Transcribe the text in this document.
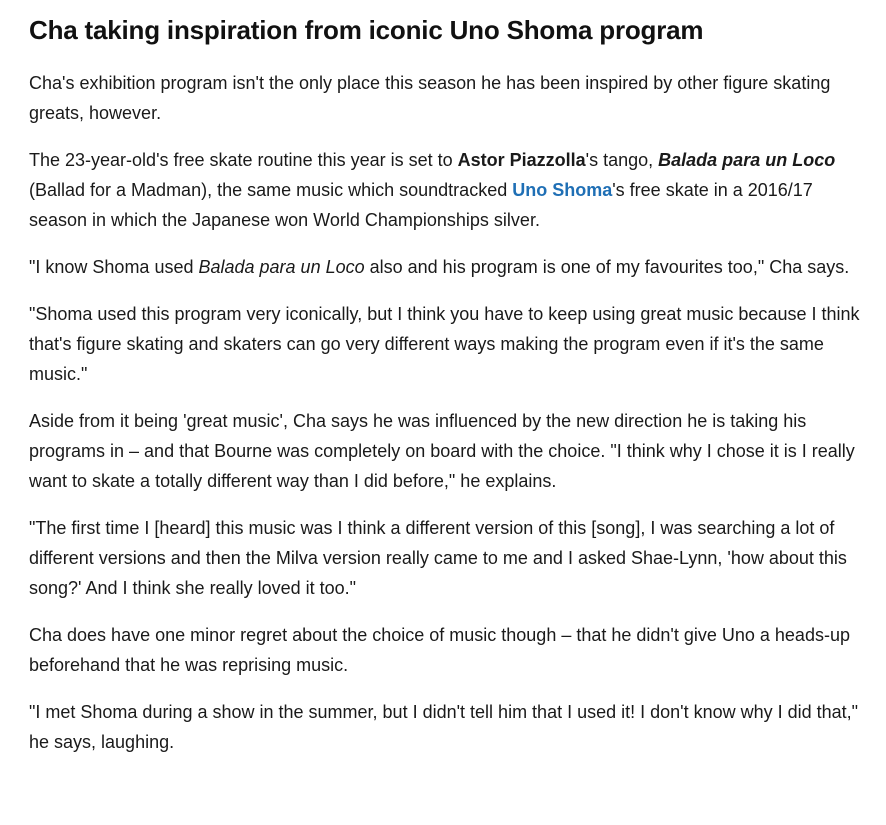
Cha taking inspiration from iconic Uno Shoma program

Cha's exhibition program isn't the only place this season he has been inspired by other figure skating greats, however.

The 23-year-old's free skate routine this year is set to Astor Piazzolla's tango, Balada para un Loco (Ballad for a Madman), the same music which soundtracked Uno Shoma's free skate in a 2016/17 season in which the Japanese won World Championships silver.

"I know Shoma used Balada para un Loco also and his program is one of my favourites too," Cha says.

"Shoma used this program very iconically, but I think you have to keep using great music because I think that's figure skating and skaters can go very different ways making the program even if it's the same music."

Aside from it being 'great music', Cha says he was influenced by the new direction he is taking his programs in – and that Bourne was completely on board with the choice. "I think why I chose it is I really want to skate a totally different way than I did before," he explains.

"The first time I [heard] this music was I think a different version of this [song], I was searching a lot of different versions and then the Milva version really came to me and I asked Shae-Lynn, 'how about this song?' And I think she really loved it too."

Cha does have one minor regret about the choice of music though – that he didn't give Uno a heads-up beforehand that he was reprising music.

"I met Shoma during a show in the summer, but I didn't tell him that I used it! I don't know why I did that," he says, laughing.
